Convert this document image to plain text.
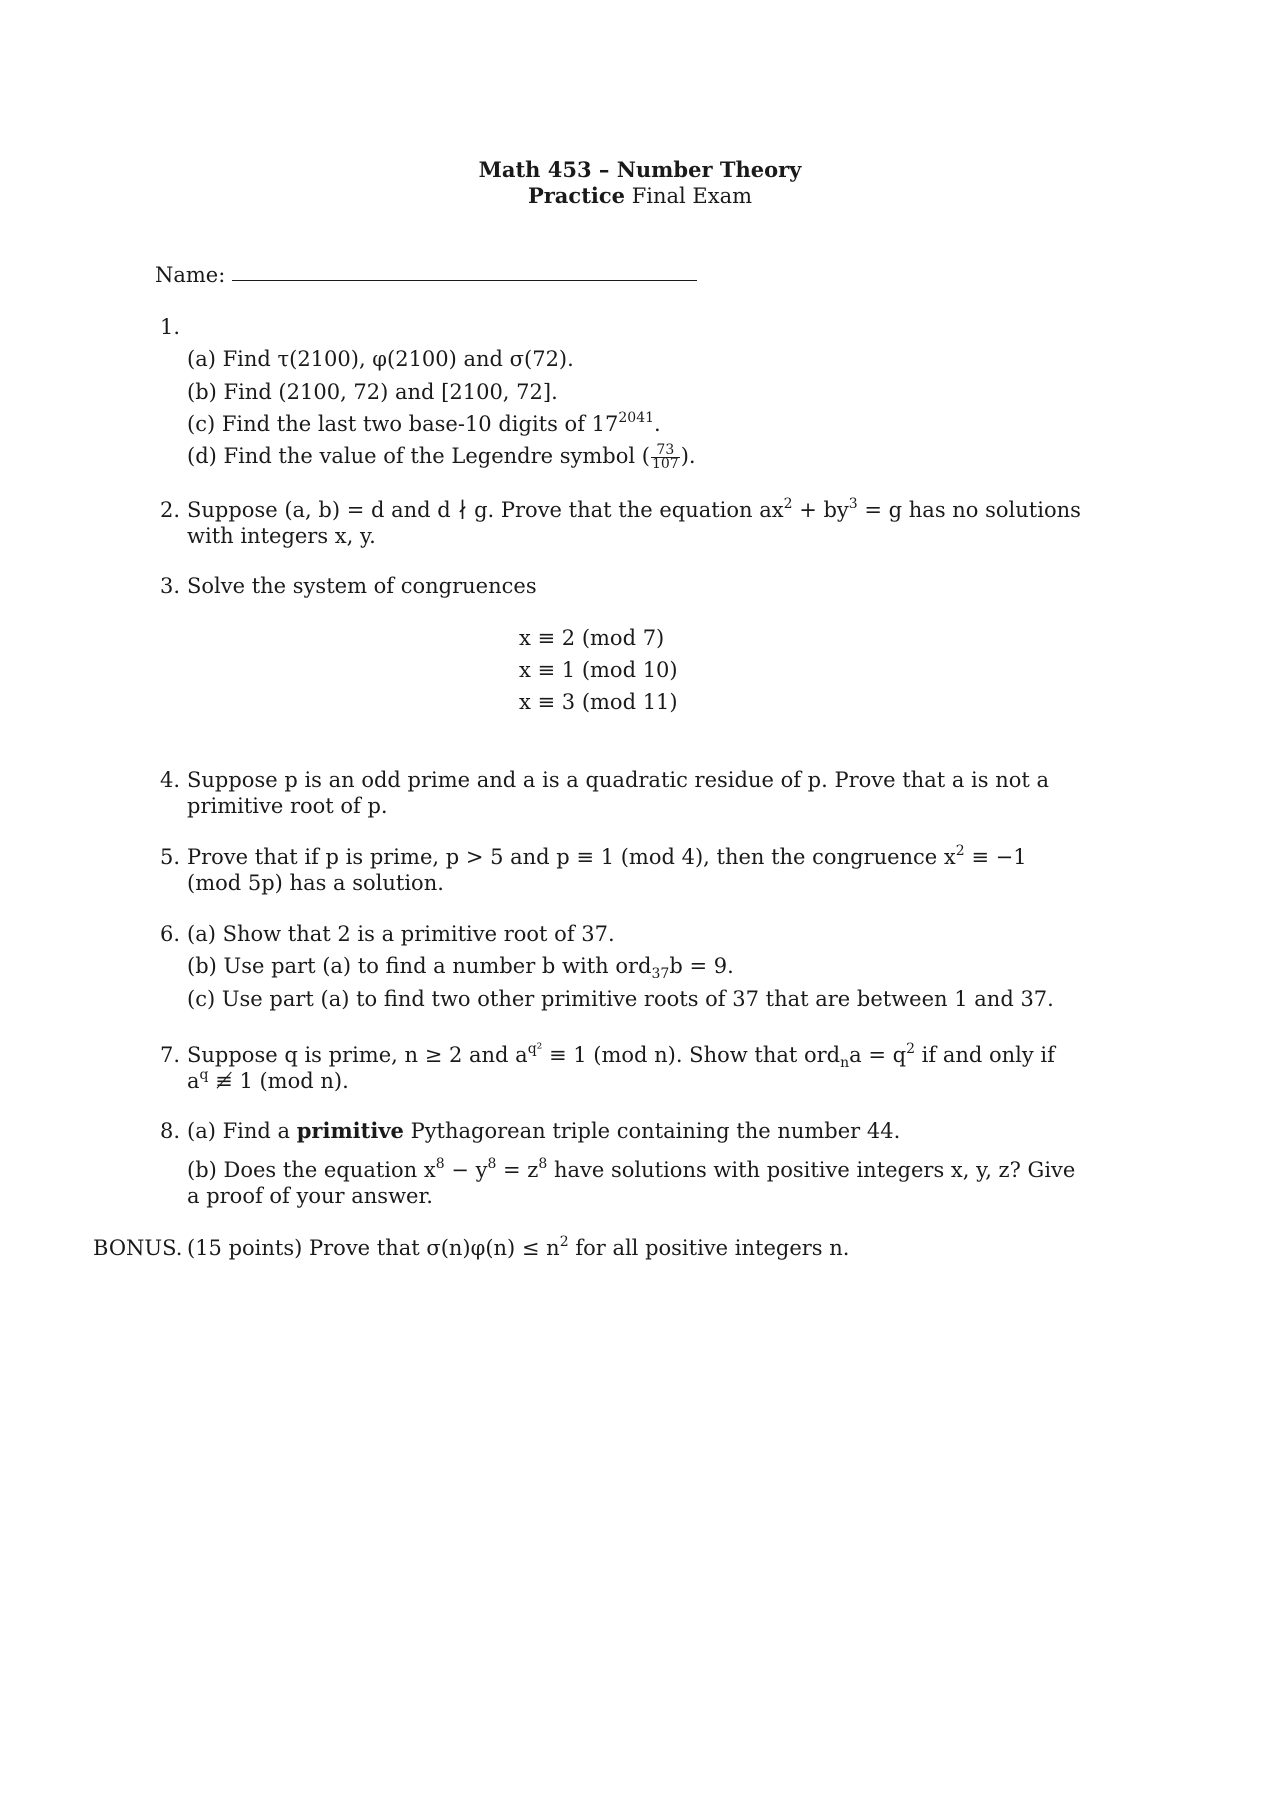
Math 453 – Number Theory
Practice Final Exam
Name:
1.
(a) Find τ(2100), φ(2100) and σ(72).
(b) Find (2100, 72) and [2100, 72].
(c) Find the last two base-10 digits of $17^{2041}$.
(d) Find the value of the Legendre symbol ( $\frac{73}{107}$ ).
2. Suppose (a, b) = d and d ∤ g. Prove that the equation $ax^2 + by^3 = g$ has no solutions
with integers x, y.
3. Solve the system of congruences
x ≡ 2 (mod 7)
x ≡ 1 (mod 10)
x ≡ 3 (mod 11)
4. Suppose p is an odd prime and a is a quadratic residue of p. Prove that a is not a
primitive root of p.
5. Prove that if p is prime, p > 5 and p ≡ 1 (mod 4), then the congruence $x^2 \equiv -1$
(mod 5p) has a solution.
6. (a) Show that 2 is a primitive root of 37.
(b) Use part (a) to find a number b with ord$_{37}$b = 9.
(c) Use part (a) to find two other primitive roots of 37 that are between 1 and 37.
7. Suppose q is prime, n ≥ 2 and $a^{q^2} \equiv 1$ (mod n). Show that $ord_na = q^2$ if and only if
$a^q$ ≢ 1 (mod n).
8. (a) Find a primitive Pythagorean triple containing the number 44.
(b) Does the equation $x^8 - y^8 = z^8$ have solutions with positive integers x, y, z? Give
a proof of your answer.
BONUS. (15 points) Prove that $\sigma(n)\varphi(n) \le n^2$ for all positive integers n.
